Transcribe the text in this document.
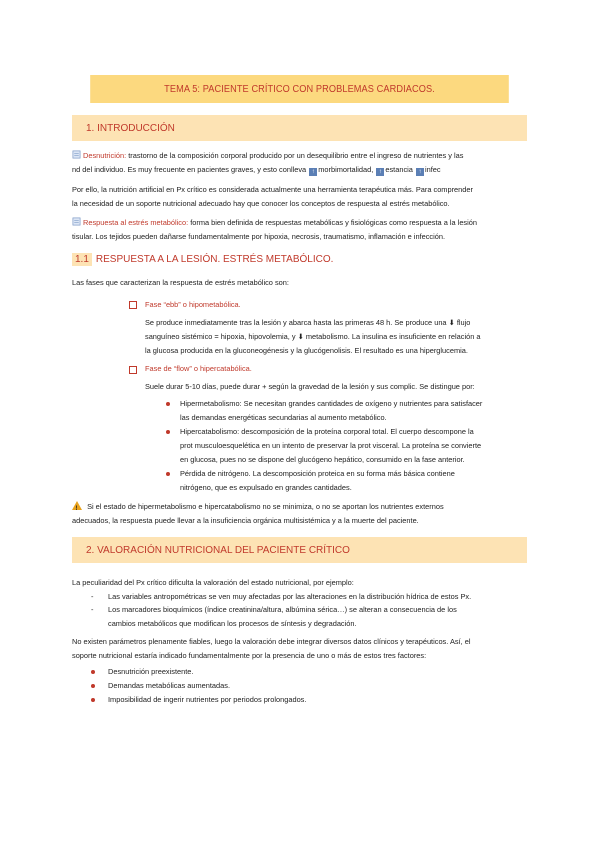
TEMA 5: PACIENTE CRÍTICO CON PROBLEMAS CARDIACOS.
1. INTRODUCCIÓN
Desnutrición: trastorno de la composición corporal producido por un desequilibrio entre el ingreso de nutrientes y las
nd del individuo. Es muy frecuente en pacientes graves, y esto conlleva ↑ morbimortalidad, ↑ estancia ↑ infec
Por ello, la nutrición artificial en Px crítico es considerada actualmente una herramienta terapéutica más. Para comprender
la necesidad de un soporte nutricional adecuado hay que conocer los conceptos de respuesta al estrés metabólico.
Respuesta al estrés metabólico: forma bien definida de respuestas metabólicas y fisiológicas como respuesta a la lesión
tisular. Los tejidos pueden dañarse fundamentalmente por hipoxia, necrosis, traumatismo, inflamación e infección.
1.1 RESPUESTA A LA LESIÓN. ESTRÉS METABÓLICO.
Las fases que caracterizan la respuesta de estrés metabólico son:
Fase “ebb” o hipometabólica.
Se produce inmediatamente tras la lesión y abarca hasta las primeras 48 h. Se produce una ⬇ flujo
sanguíneo sistémico = hipoxia, hipovolemia, y ⬇ metabolismo. La insulina es insuficiente en relación a
la glucosa producida en la gluconeogénesis y la glucógenolisis. El resultado es una hiperglucemia.
Fase de “flow” o hipercatabólica.
Suele durar 5-10 días, puede durar + según la gravedad de la lesión y sus complic. Se distingue por:
Hipermetabolismo: Se necesitan grandes cantidades de oxígeno y nutrientes para satisfacer
las demandas energéticas secundarias al aumento metabólico.
Hipercatabolismo: descomposición de la proteína corporal total. El cuerpo descompone la
prot musculoesquelética en un intento de preservar la prot visceral. La proteína se convierte
en glucosa, pues no se dispone del glucógeno hepático, consumido en la fase anterior.
Pérdida de nitrógeno. La descomposición proteica en su forma más básica contiene
nitrógeno, que es expulsado en grandes cantidades.
! Si el estado de hipermetabolismo e hipercatabolismo no se minimiza, o no se aportan los nutrientes externos
adecuados, la respuesta puede llevar a la insuficiencia orgánica multisistémica y a la muerte del paciente.
2. VALORACIÓN NUTRICIONAL DEL PACIENTE CRÍTICO
La peculiaridad del Px crítico dificulta la valoración del estado nutricional, por ejemplo:
- Las variables antropométricas se ven muy afectadas por las alteraciones en la distribución hídrica de estos Px.
- Los marcadores bioquímicos (índice creatinina/altura, albúmina sérica…) se alteran a consecuencia de los
cambios metabólicos que modifican los procesos de síntesis y degradación.
No existen parámetros plenamente fiables, luego la valoración debe integrar diversos datos clínicos y terapéuticos. Así, el
soporte nutricional estaría indicado fundamentalmente por la presencia de uno o más de estos tres factores:
Desnutrición preexistente.
Demandas metabólicas aumentadas.
Imposibilidad de ingerir nutrientes por periodos prolongados.
